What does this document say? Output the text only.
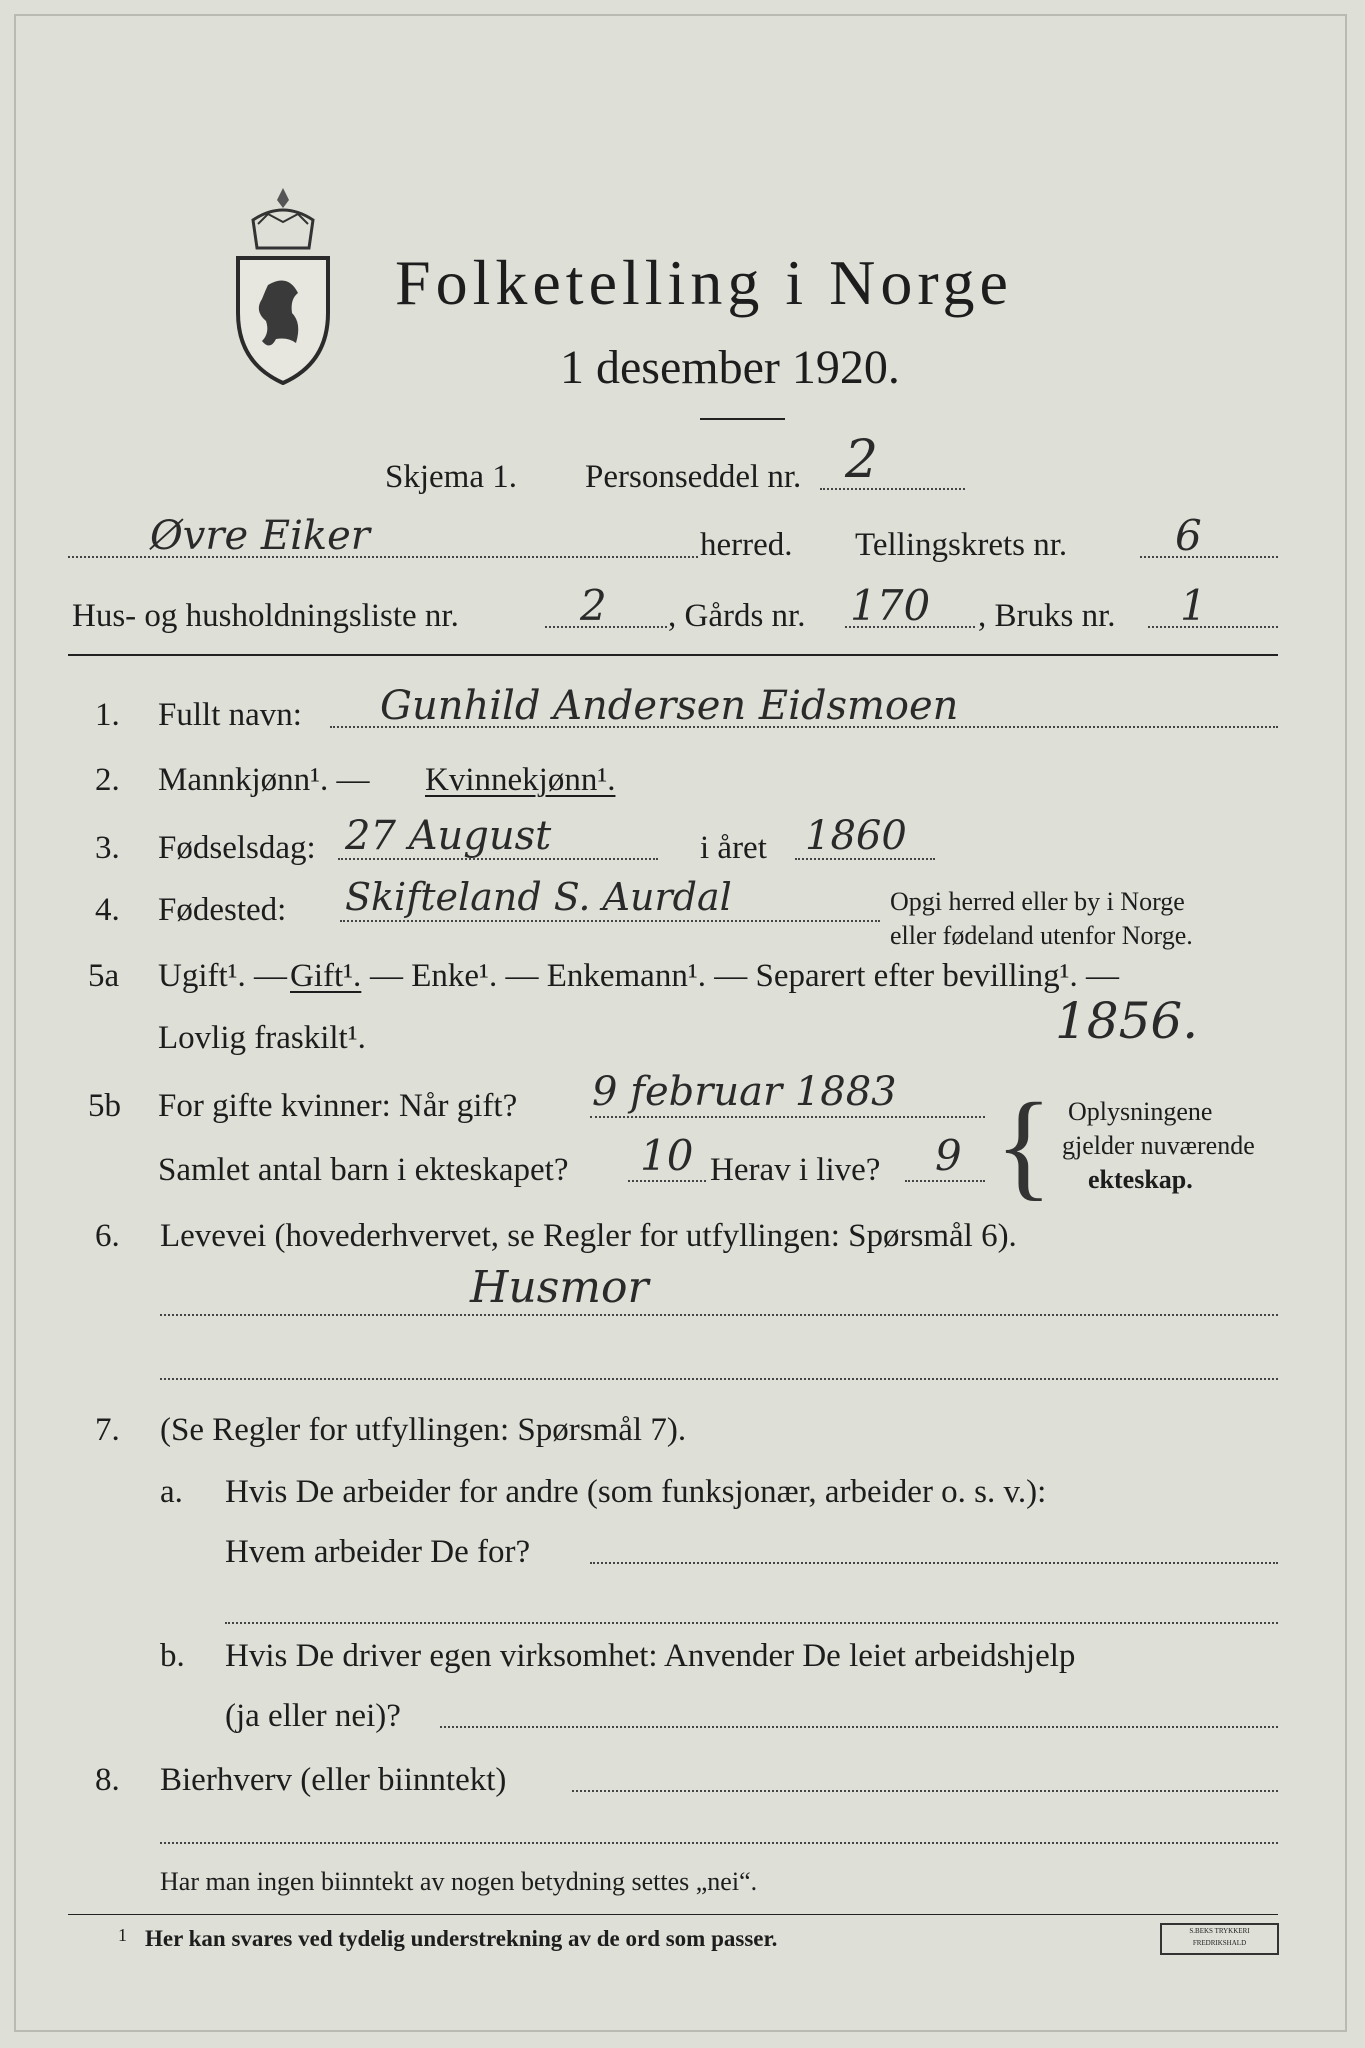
Folketelling i Norge
1 desember 1920.
Skjema 1. Personseddel nr. 2
Øvre Eiker	herred. Tellingskrets nr.	6
Hus- og husholdningsliste nr.	2 , Gårds nr. 170 , Bruks nr. 1
1. Fullt navn: Gunhild Andersen Eidsmoen
2. Mannkjønn¹. — Kvinnekjønn¹.
3. Fødselsdag: 27 August	i året 1860
4. Fødested: Skifteland S. Aurdal	Opgi herred eller by i Norge
eller fødeland utenfor Norge.
5a Ugift¹. — Gift¹. — Enke¹. — Enkemann¹. — Separert efter bevilling¹. —
Lovlig fraskilt¹.	1856.
5b For gifte kvinner: Når gift? 9 februar 1883
Samlet antal barn i ekteskapet? 10 Herav i live? 9 { Oplysningene
gjelder nuværende
ekteskap.
6. Levevei (hovederhvervet, se Regler for utfyllingen: Spørsmål 6).
Husmor
7. (Se Regler for utfyllingen: Spørsmål 7).
a. Hvis De arbeider for andre (som funksjonær, arbeider o. s. v.):
Hvem arbeider De for?
b. Hvis De driver egen virksomhet: Anvender De leiet arbeidshjelp
(ja eller nei)?
8. Bierhverv (eller biinntekt)
Har man ingen biinntekt av nogen betydning settes „nei“.
1 Her kan svares ved tydelig understrekning av de ord som passer.	S.BEKS TRYKKERI FREDRIKSHALD
